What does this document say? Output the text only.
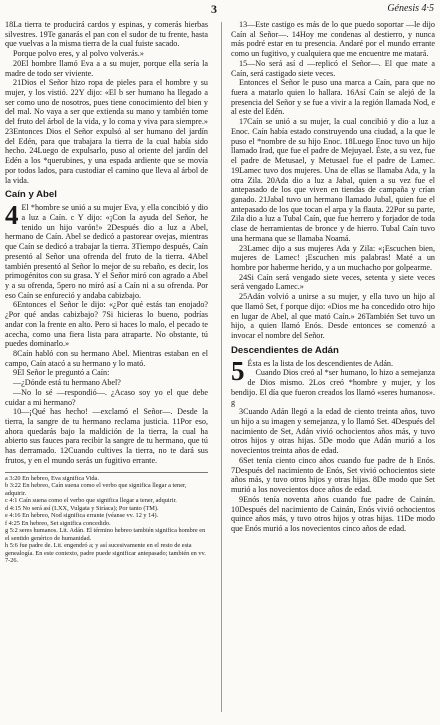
3	Génesis 4·5

18La tierra te producirá cardos y espinas, y comerás hierbas silvestres. 19Te ganarás el pan con el sudor de tu frente, hasta que vuelvas a la misma tierra de la cual fuiste sacado.

Porque polvo eres, y al polvo volverás.»

20El hombre llamó Eva a a su mujer, porque ella sería la madre de todo ser viviente.

21Dios el Señor hizo ropa de pieles para el hombre y su mujer, y los vistió. 22Y dijo: «El b ser humano ha llegado a ser como uno de nosotros, pues tiene conocimiento del bien y del mal. No vaya a ser que extienda su mano y también tome del fruto del árbol de la vida, y lo coma y viva para siempre.» 23Entonces Dios el Señor expulsó al ser humano del jardín del Edén, para que trabajara la tierra de la cual había sido hecho. 24Luego de expulsarlo, puso al oriente del jardín del Edén a los *querubines, y una espada ardiente que se movía por todos lados, para custodiar el camino que lleva al árbol de la vida.

Caín y Abel

4 El *hombre se unió a su mujer Eva, y ella concibió y dio a luz a Caín. c Y dijo: «¡Con la ayuda del Señor, he tenido un hijo varón!» 2Después dio a luz a Abel, hermano de Caín. Abel se dedicó a pastorear ovejas, mientras que Caín se dedicó a trabajar la tierra. 3Tiempo después, Caín presentó al Señor una ofrenda del fruto de la tierra. 4Abel también presentó al Señor lo mejor de su rebaño, es decir, los primogénitos con su grasa. Y el Señor miró con agrado a Abel y a su ofrenda, 5pero no miró así a Caín ni a su ofrenda. Por eso Caín se enfureció y andaba cabizbajo.

6Entonces el Señor le dijo: «¿Por qué estás tan enojado? ¿Por qué andas cabizbajo? 7Si hicieras lo bueno, podrías andar con la frente en alto. Pero si haces lo malo, el pecado te acecha, como una fiera lista para atraparte. No obstante, tú puedes dominarlo.»

8Caín habló con su hermano Abel. Mientras estaban en el campo, Caín atacó a su hermano y lo mató.

9El Señor le preguntó a Caín:

—¿Dónde está tu hermano Abel?

—No lo sé —respondió—. ¿Acaso soy yo el que debe cuidar a mi hermano?

10—¡Qué has hecho! —exclamó el Señor—. Desde la tierra, la sangre de tu hermano reclama justicia. 11Por eso, ahora quedarás bajo la maldición de la tierra, la cual ha abierto sus fauces para recibir la sangre de tu hermano, que tú has derramado. 12Cuando cultives la tierra, no te dará sus frutos, y en el mundo serás un fugitivo errante.

a 3:20 En hebreo, Eva significa Vida.
b 3:22 En hebreo, Caín suena como el verbo que significa llegar a tener, adquirir.
c 4:1 Caín suena como el verbo que significa llegar a tener, adquirir.
d 4:15 No será así (LXX, Vulgata y Siríaca); Por tanto (TM).
e 4:16 En hebreo, Nod significa errante (véanse vv. 12 y 14).
f 4:25 En hebreo, Set significa concedido.
g 5:2 seres humanos. Lit. Adán. El término hebreo también significa hombre en el sentido genérico de humanidad.
h 5:6 fue padre de. Lit. engendró a; y así sucesivamente en el resto de esta genealogía. En este contexto, padre puede significar antepasado; también en vv. 7-26.

13—Este castigo es más de lo que puedo soportar —le dijo Caín al Señor—. 14Hoy me condenas al destierro, y nunca más podré estar en tu presencia. Andaré por el mundo errante como un fugitivo, y cualquiera que me encuentre me matará.

15—No será así d —replicó el Señor—. El que mate a Caín, será castigado siete veces.

Entonces el Señor le puso una marca a Caín, para que no fuera a matarlo quien lo hallara. 16Así Caín se alejó de la presencia del Señor y se fue a vivir a la región llamada Nod, e al este del Edén.

17Caín se unió a su mujer, la cual concibió y dio a luz a Enoc. Caín había estado construyendo una ciudad, a la que le puso el *nombre de su hijo Enoc. 18Luego Enoc tuvo un hijo llamado Irad, que fue el padre de Mejuyael. Éste, a su vez, fue el padre de Metusael, y Metusael fue el padre de Lamec. 19Lamec tuvo dos mujeres. Una de ellas se llamaba Ada, y la otra Zila. 20Ada dio a luz a Jabal, quien a su vez fue el antepasado de los que viven en tiendas de campaña y crían ganado. 21Jabal tuvo un hermano llamado Jubal, quien fue el antepasado de los que tocan el arpa y la flauta. 22Por su parte, Zila dio a luz a Tubal Caín, que fue herrero y forjador de toda clase de herramientas de bronce y de hierro. Tubal Caín tuvo una hermana que se llamaba Noamá.

23Lamec dijo a sus mujeres Ada y Zila: «¡Escuchen bien, mujeres de Lamec! ¡Escuchen mis palabras! Maté a un hombre por haberme herido, y a un muchacho por golpearme.

24Si Caín será vengado siete veces, setenta y siete veces será vengado Lamec.»

25Adán volvió a unirse a su mujer, y ella tuvo un hijo al que llamó Set, f porque dijo: «Dios me ha concedido otro hijo en lugar de Abel, al que mató Caín.» 26También Set tuvo un hijo, a quien llamó Enós. Desde entonces se comenzó a invocar el nombre del Señor.

Descendientes de Adán

5 Ésta es la lista de los descendientes de Adán.

Cuando Dios creó al *ser humano, lo hizo a semejanza de Dios mismo. 2Los creó *hombre y mujer, y los bendijo. El día que fueron creados los llamó «seres humanos». g

3Cuando Adán llegó a la edad de ciento treinta años, tuvo un hijo a su imagen y semejanza, y lo llamó Set. 4Después del nacimiento de Set, Adán vivió ochocientos años más, y tuvo otros hijos y otras hijas. 5De modo que Adán murió a los novecientos treinta años de edad.

6Set tenía ciento cinco años cuando fue padre de h Enós. 7Después del nacimiento de Enós, Set vivió ochocientos siete años más, y tuvo otros hijos y otras hijas. 8De modo que Set murió a los novecientos doce años de edad.

9Enós tenía noventa años cuando fue padre de Cainán. 10Después del nacimiento de Cainán, Enós vivió ochocientos quince años más, y tuvo otros hijos y otras hijas. 11De modo que Enós murió a los novecientos cinco años de edad.
